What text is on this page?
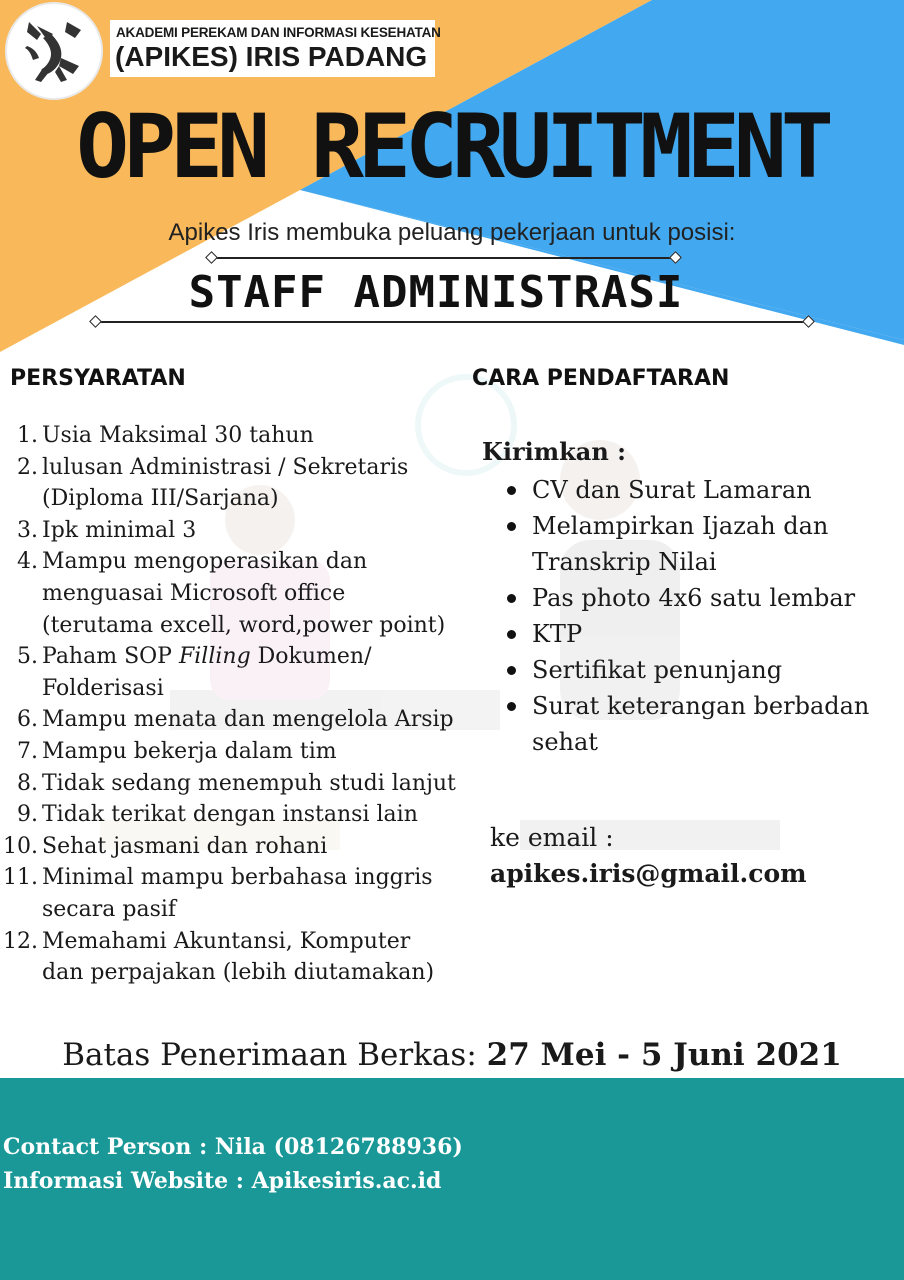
AKADEMI PEREKAM DAN INFORMASI KESEHATAN
(APIKES) IRIS PADANG
OPEN RECRUITMENT
Apikes Iris membuka peluang pekerjaan untuk posisi:
STAFF ADMINISTRASI
PERSYARATAN
1. Usia Maksimal 30 tahun
2. lulusan Administrasi / Sekretaris
(Diploma III/Sarjana)
3. Ipk minimal 3
4. Mampu mengoperasikan dan
menguasai Microsoft office
(terutama excell, word,power point)
5. Paham SOP Filling Dokumen/
Folderisasi
6. Mampu menata dan mengelola Arsip
7. Mampu bekerja dalam tim
8. Tidak sedang menempuh studi lanjut
9. Tidak terikat dengan instansi lain
10. Sehat jasmani dan rohani
11. Minimal mampu berbahasa inggris
secara pasif
12. Memahami Akuntansi, Komputer
dan perpajakan (lebih diutamakan)
CARA PENDAFTARAN
Kirimkan :
CV dan Surat Lamaran
Melampirkan Ijazah dan
Transkrip Nilai
Pas photo 4x6 satu lembar
KTP
Sertifikat penunjang
Surat keterangan berbadan
sehat
ke email :
apikes.iris@gmail.com
Batas Penerimaan Berkas: 27 Mei - 5 Juni 2021
Contact Person : Nila (08126788936)
Informasi Website : Apikesiris.ac.id
